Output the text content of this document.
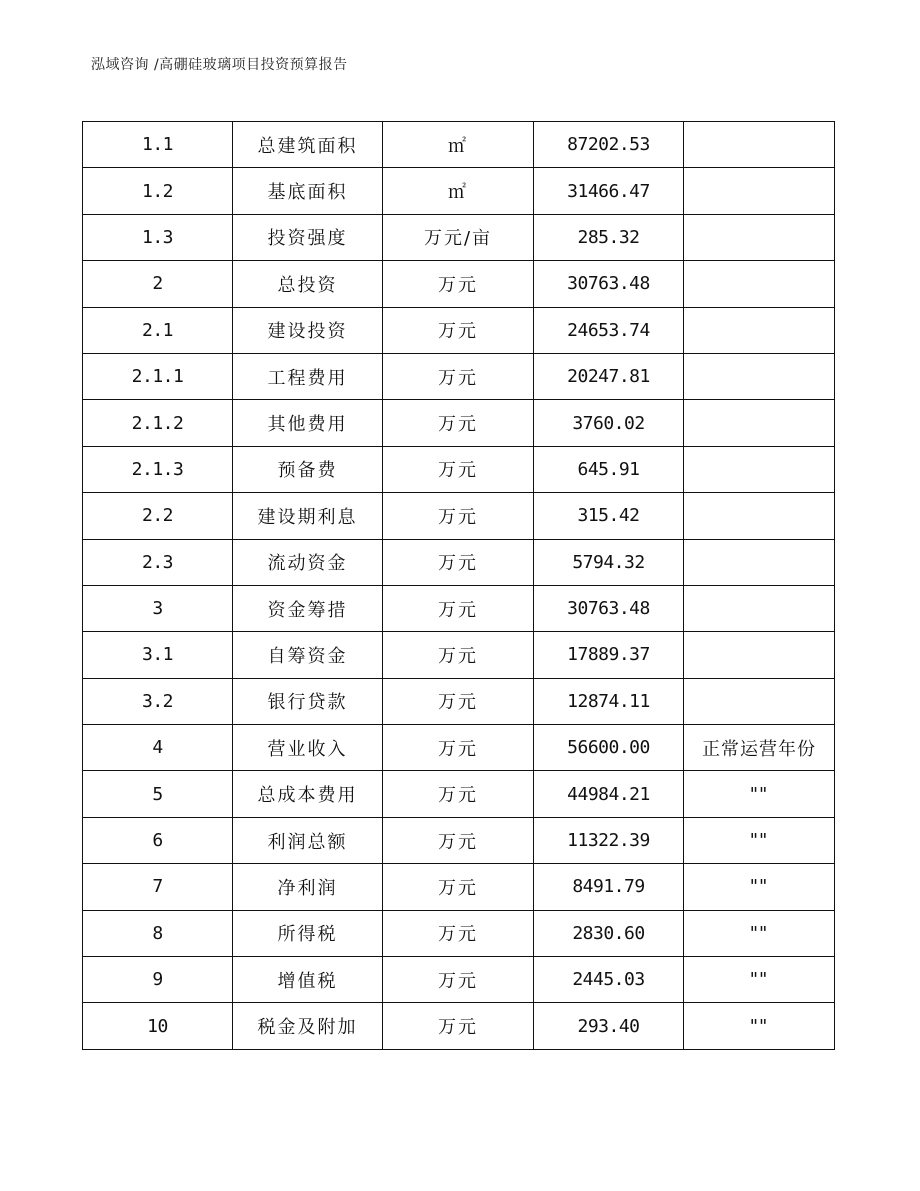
泓域咨询 /高硼硅玻璃项目投资预算报告
1.1	总建筑面积	㎡	87202.53	
1.2	基底面积	㎡	31466.47	
1.3	投资强度	万元/亩	285.32	
2	总投资	万元	30763.48	
2.1	建设投资	万元	24653.74	
2.1.1	工程费用	万元	20247.81	
2.1.2	其他费用	万元	3760.02	
2.1.3	预备费	万元	645.91	
2.2	建设期利息	万元	315.42	
2.3	流动资金	万元	5794.32	
3	资金筹措	万元	30763.48	
3.1	自筹资金	万元	17889.37	
3.2	银行贷款	万元	12874.11	
4	营业收入	万元	56600.00	正常运营年份
5	总成本费用	万元	44984.21	""
6	利润总额	万元	11322.39	""
7	净利润	万元	8491.79	""
8	所得税	万元	2830.60	""
9	增值税	万元	2445.03	""
10	税金及附加	万元	293.40	""
